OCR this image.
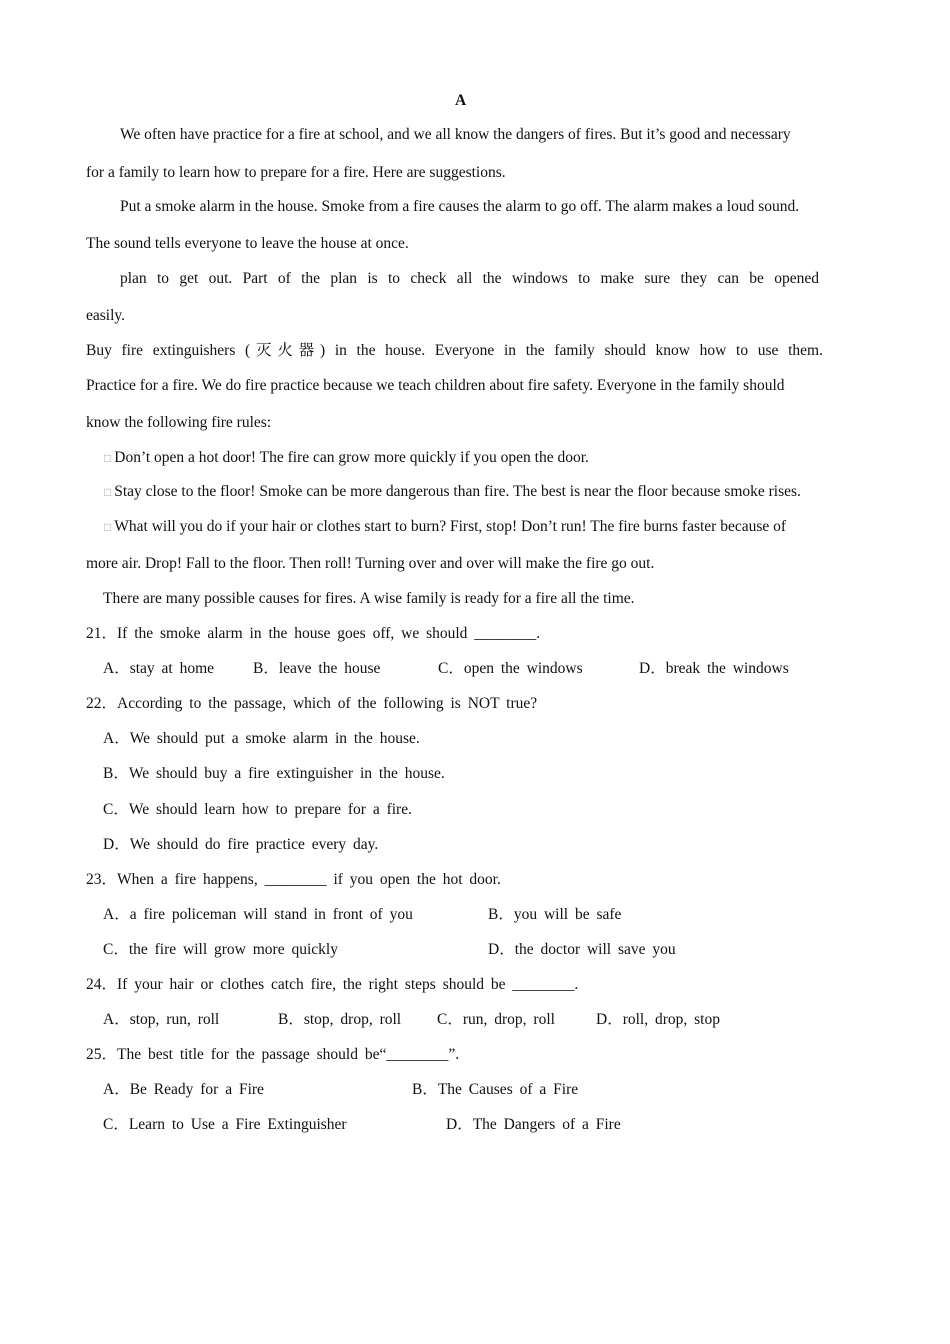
A
We often have practice for a fire at school, and we all know the dangers of fires. But it’s good and necessary
for a family to learn how to prepare for a fire. Here are suggestions.
Put a smoke alarm in the house. Smoke from a fire causes the alarm to go off. The alarm makes a loud sound.
The sound tells everyone to leave the house at once.
plan to get out. Part of the plan is to check all the windows to make sure they can be opened
easily.
Buy fire extinguishers (灭火器) in the house. Everyone in the family should know how to use them.
Practice for a fire. We do fire practice because we teach children about fire safety. Everyone in the family should
know the following fire rules:
□ Don’t open a hot door! The fire can grow more quickly if you open the door.
□ Stay close to the floor! Smoke can be more dangerous than fire. The best is near the floor because smoke rises.
□ What will you do if your hair or clothes start to burn? First, stop! Don’t run! The fire burns faster because of
more air. Drop! Fall to the floor. Then roll! Turning over and over will make the fire go out.
There are many possible causes for fires. A wise family is ready for a fire all the time.
21．If the smoke alarm in the house goes off, we should ________.
A．stay at home	B．leave the house	C．open the windows	D．break the windows
22．According to the passage, which of the following is NOT true?
A．We should put a smoke alarm in the house.
B．We should buy a fire extinguisher in the house.
C．We should learn how to prepare for a fire.
D．We should do fire practice every day.
23．When a fire happens, ________ if you open the hot door.
A．a fire policeman will stand in front of you	B．you will be safe
C．the fire will grow more quickly	D．the doctor will save you
24．If your hair or clothes catch fire, the right steps should be ________.
A．stop, run, roll	B．stop, drop, roll C．run, drop, roll	D．roll, drop, stop
25．The best title for the passage should be“________”.
A．Be Ready for a Fire	B．The Causes of a Fire
C．Learn to Use a Fire Extinguisher	D．The Dangers of a Fire
